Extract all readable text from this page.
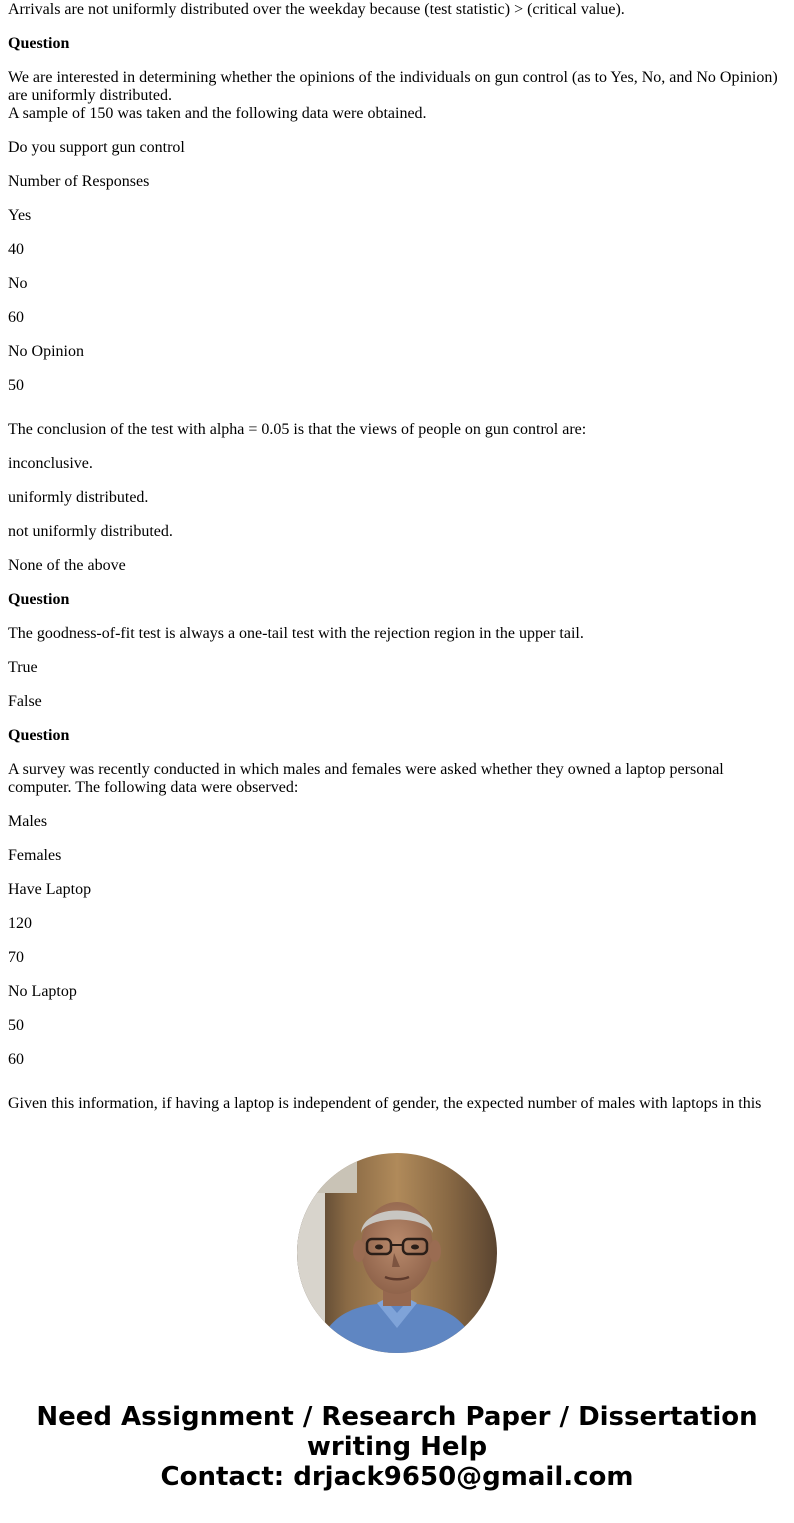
Arrivals are not uniformly distributed over the weekday because (test statistic) > (critical value).

Question

We are interested in determining whether the opinions of the individuals on gun control (as to Yes, No, and No Opinion) are uniformly distributed.
A sample of 150 was taken and the following data were obtained.

Do you support gun control

Number of Responses

Yes

40

No

60

No Opinion

50

The conclusion of the test with alpha = 0.05 is that the views of people on gun control are:

inconclusive.

uniformly distributed.

not uniformly distributed.

None of the above

Question

The goodness-of-fit test is always a one-tail test with the rejection region in the upper tail.

True

False

Question

A survey was recently conducted in which males and females were asked whether they owned a laptop personal computer. The following data were observed:

Males

Females

Have Laptop

120

70

No Laptop

50

60

Given this information, if having a laptop is independent of gender, the expected number of males with laptops in this

Need Assignment / Research Paper / Dissertation
writing Help
Contact: drjack9650@gmail.com
